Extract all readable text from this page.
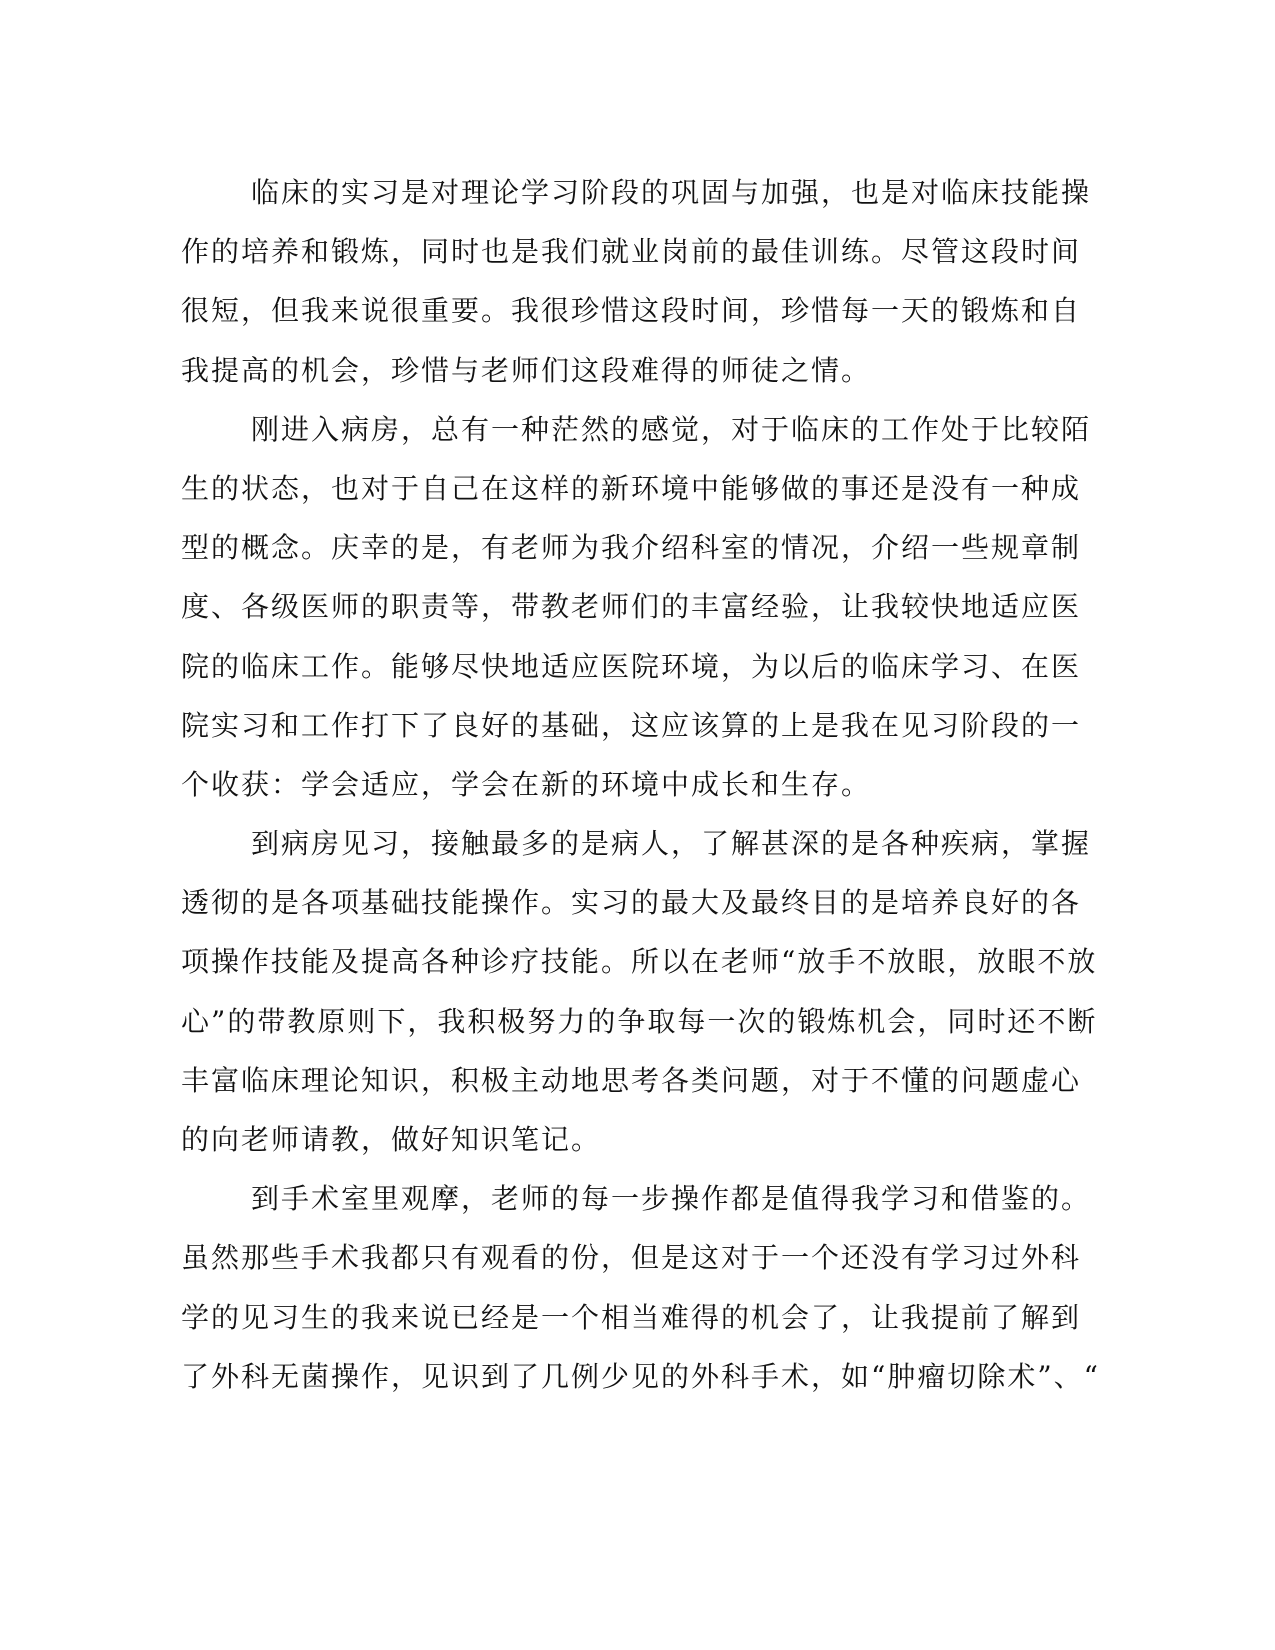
临床的实习是对理论学习阶段的巩固与加强，也是对临床技能操
作的培养和锻炼，同时也是我们就业岗前的最佳训练。尽管这段时间
很短，但我来说很重要。我很珍惜这段时间，珍惜每一天的锻炼和自
我提高的机会，珍惜与老师们这段难得的师徒之情。
刚进入病房，总有一种茫然的感觉，对于临床的工作处于比较陌
生的状态，也对于自己在这样的新环境中能够做的事还是没有一种成
型的概念。庆幸的是，有老师为我介绍科室的情况，介绍一些规章制
度、各级医师的职责等，带教老师们的丰富经验，让我较快地适应医
院的临床工作。能够尽快地适应医院环境，为以后的临床学习、在医
院实习和工作打下了良好的基础，这应该算的上是我在见习阶段的一
个收获：学会适应，学会在新的环境中成长和生存。
到病房见习，接触最多的是病人，了解甚深的是各种疾病，掌握
透彻的是各项基础技能操作。实习的最大及最终目的是培养良好的各
项操作技能及提高各种诊疗技能。所以在老师“放手不放眼，放眼不放
心”的带教原则下，我积极努力的争取每一次的锻炼机会，同时还不断
丰富临床理论知识，积极主动地思考各类问题，对于不懂的问题虚心
的向老师请教，做好知识笔记。
到手术室里观摩，老师的每一步操作都是值得我学习和借鉴的。
虽然那些手术我都只有观看的份，但是这对于一个还没有学习过外科
学的见习生的我来说已经是一个相当难得的机会了，让我提前了解到
了外科无菌操作，见识到了几例少见的外科手术，如“肿瘤切除术”、“
